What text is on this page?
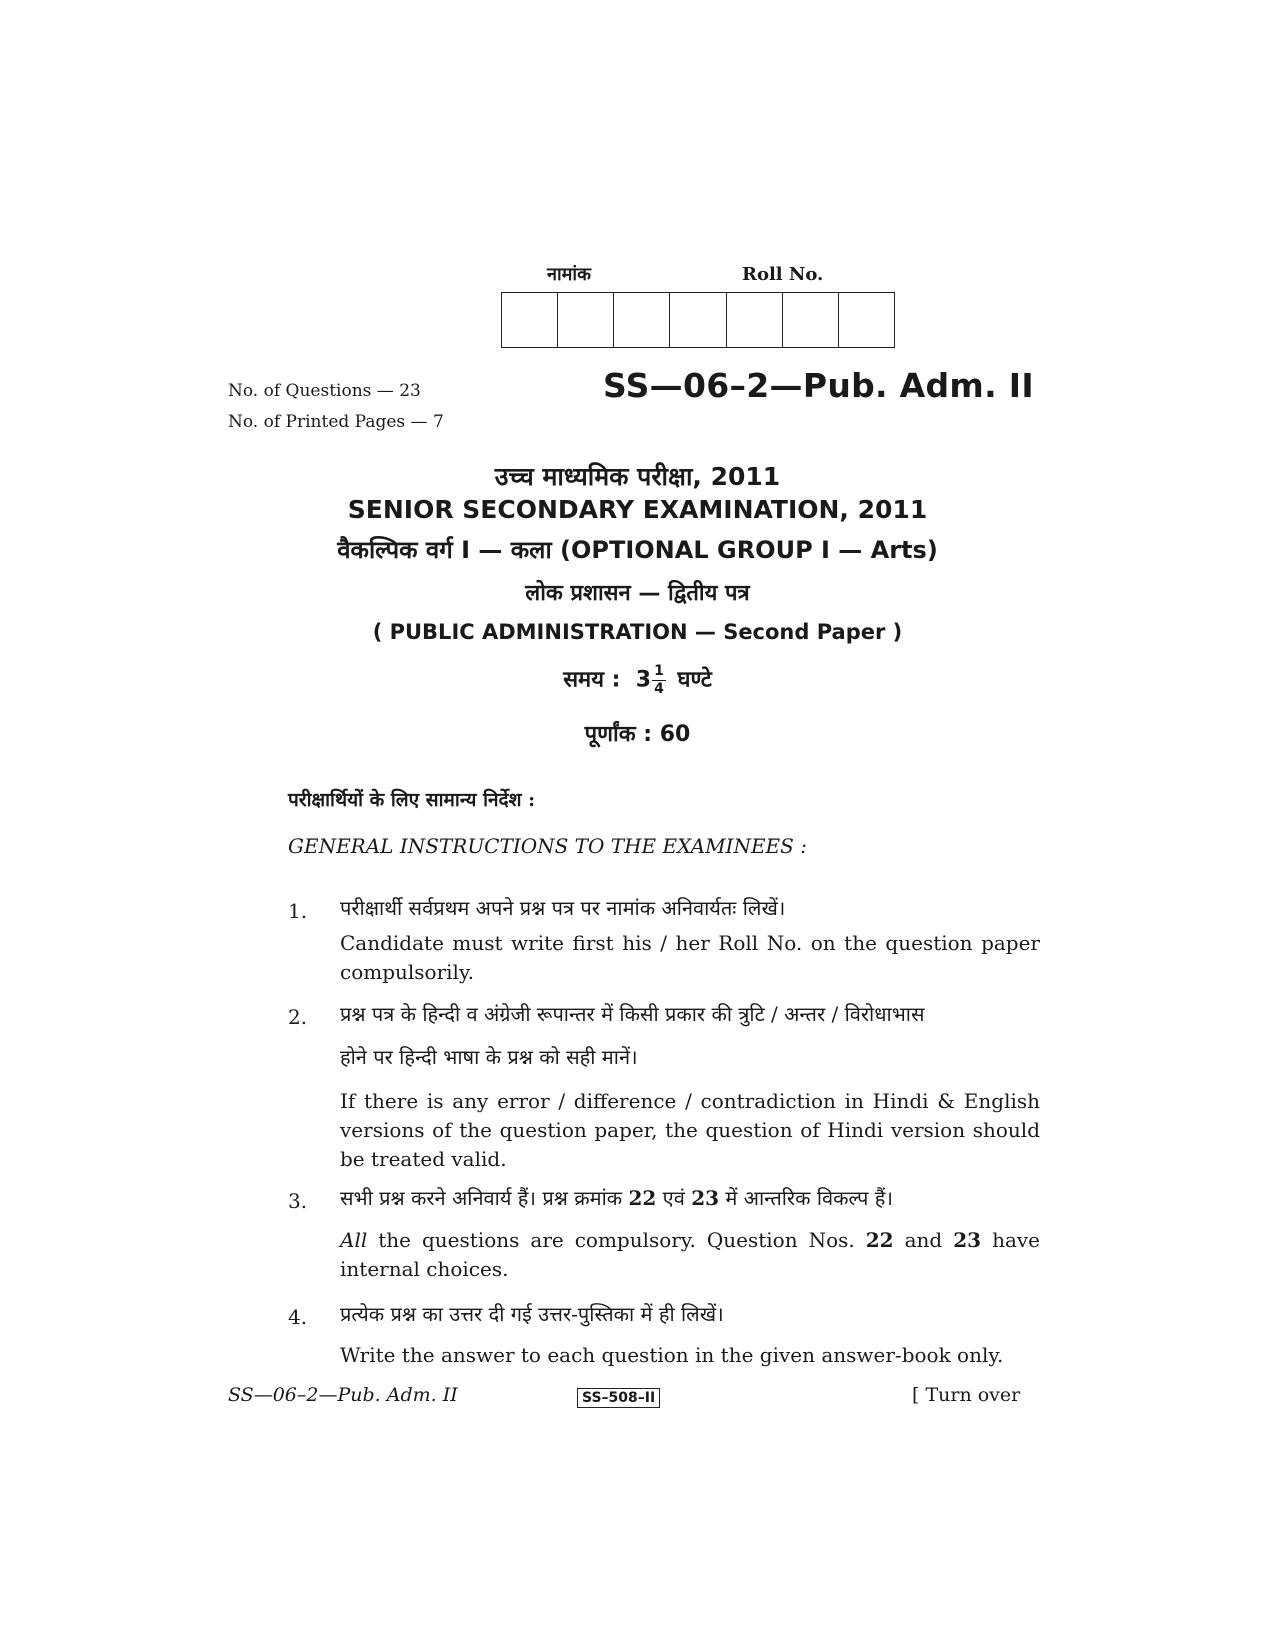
नामांक	Roll No.
No. of Questions — 23
No. of Printed Pages — 7
SS—06–2—Pub. Adm. II
उच्च माध्यमिक परीक्षा, 2011
SENIOR SECONDARY EXAMINATION, 2011
वैकल्पिक वर्ग I — कला (OPTIONAL GROUP I — Arts)
लोक प्रशासन — द्वितीय पत्र
( PUBLIC ADMINISTRATION — Second Paper )
समय : $3 \frac{1}{4}$ घण्टे
पूर्णांक : 60
परीक्षार्थियों के लिए सामान्य निर्देश :
GENERAL INSTRUCTIONS TO THE EXAMINEES :
1. परीक्षार्थी सर्वप्रथम अपने प्रश्न पत्र पर नामांक अनिवार्यतः लिखें।
Candidate must write first his / her Roll No. on the question paper compulsorily.
2. प्रश्न पत्र के हिन्दी व अंग्रेजी रूपान्तर में किसी प्रकार की त्रुटि / अन्तर / विरोधाभास
होने पर हिन्दी भाषा के प्रश्न को सही मानें।
If there is any error / difference / contradiction in Hindi & English versions of the question paper, the question of Hindi version should be treated valid.
3. सभी प्रश्न करने अनिवार्य हैं। प्रश्न क्रमांक 22 एवं 23 में आन्तरिक विकल्प हैं।
All the questions are compulsory. Question Nos. 22 and 23 have internal choices.
4. प्रत्येक प्रश्न का उत्तर दी गई उत्तर-पुस्तिका में ही लिखें।
Write the answer to each question in the given answer-book only.
SS—06–2—Pub. Adm. II	SS–508–II	[ Turn over
